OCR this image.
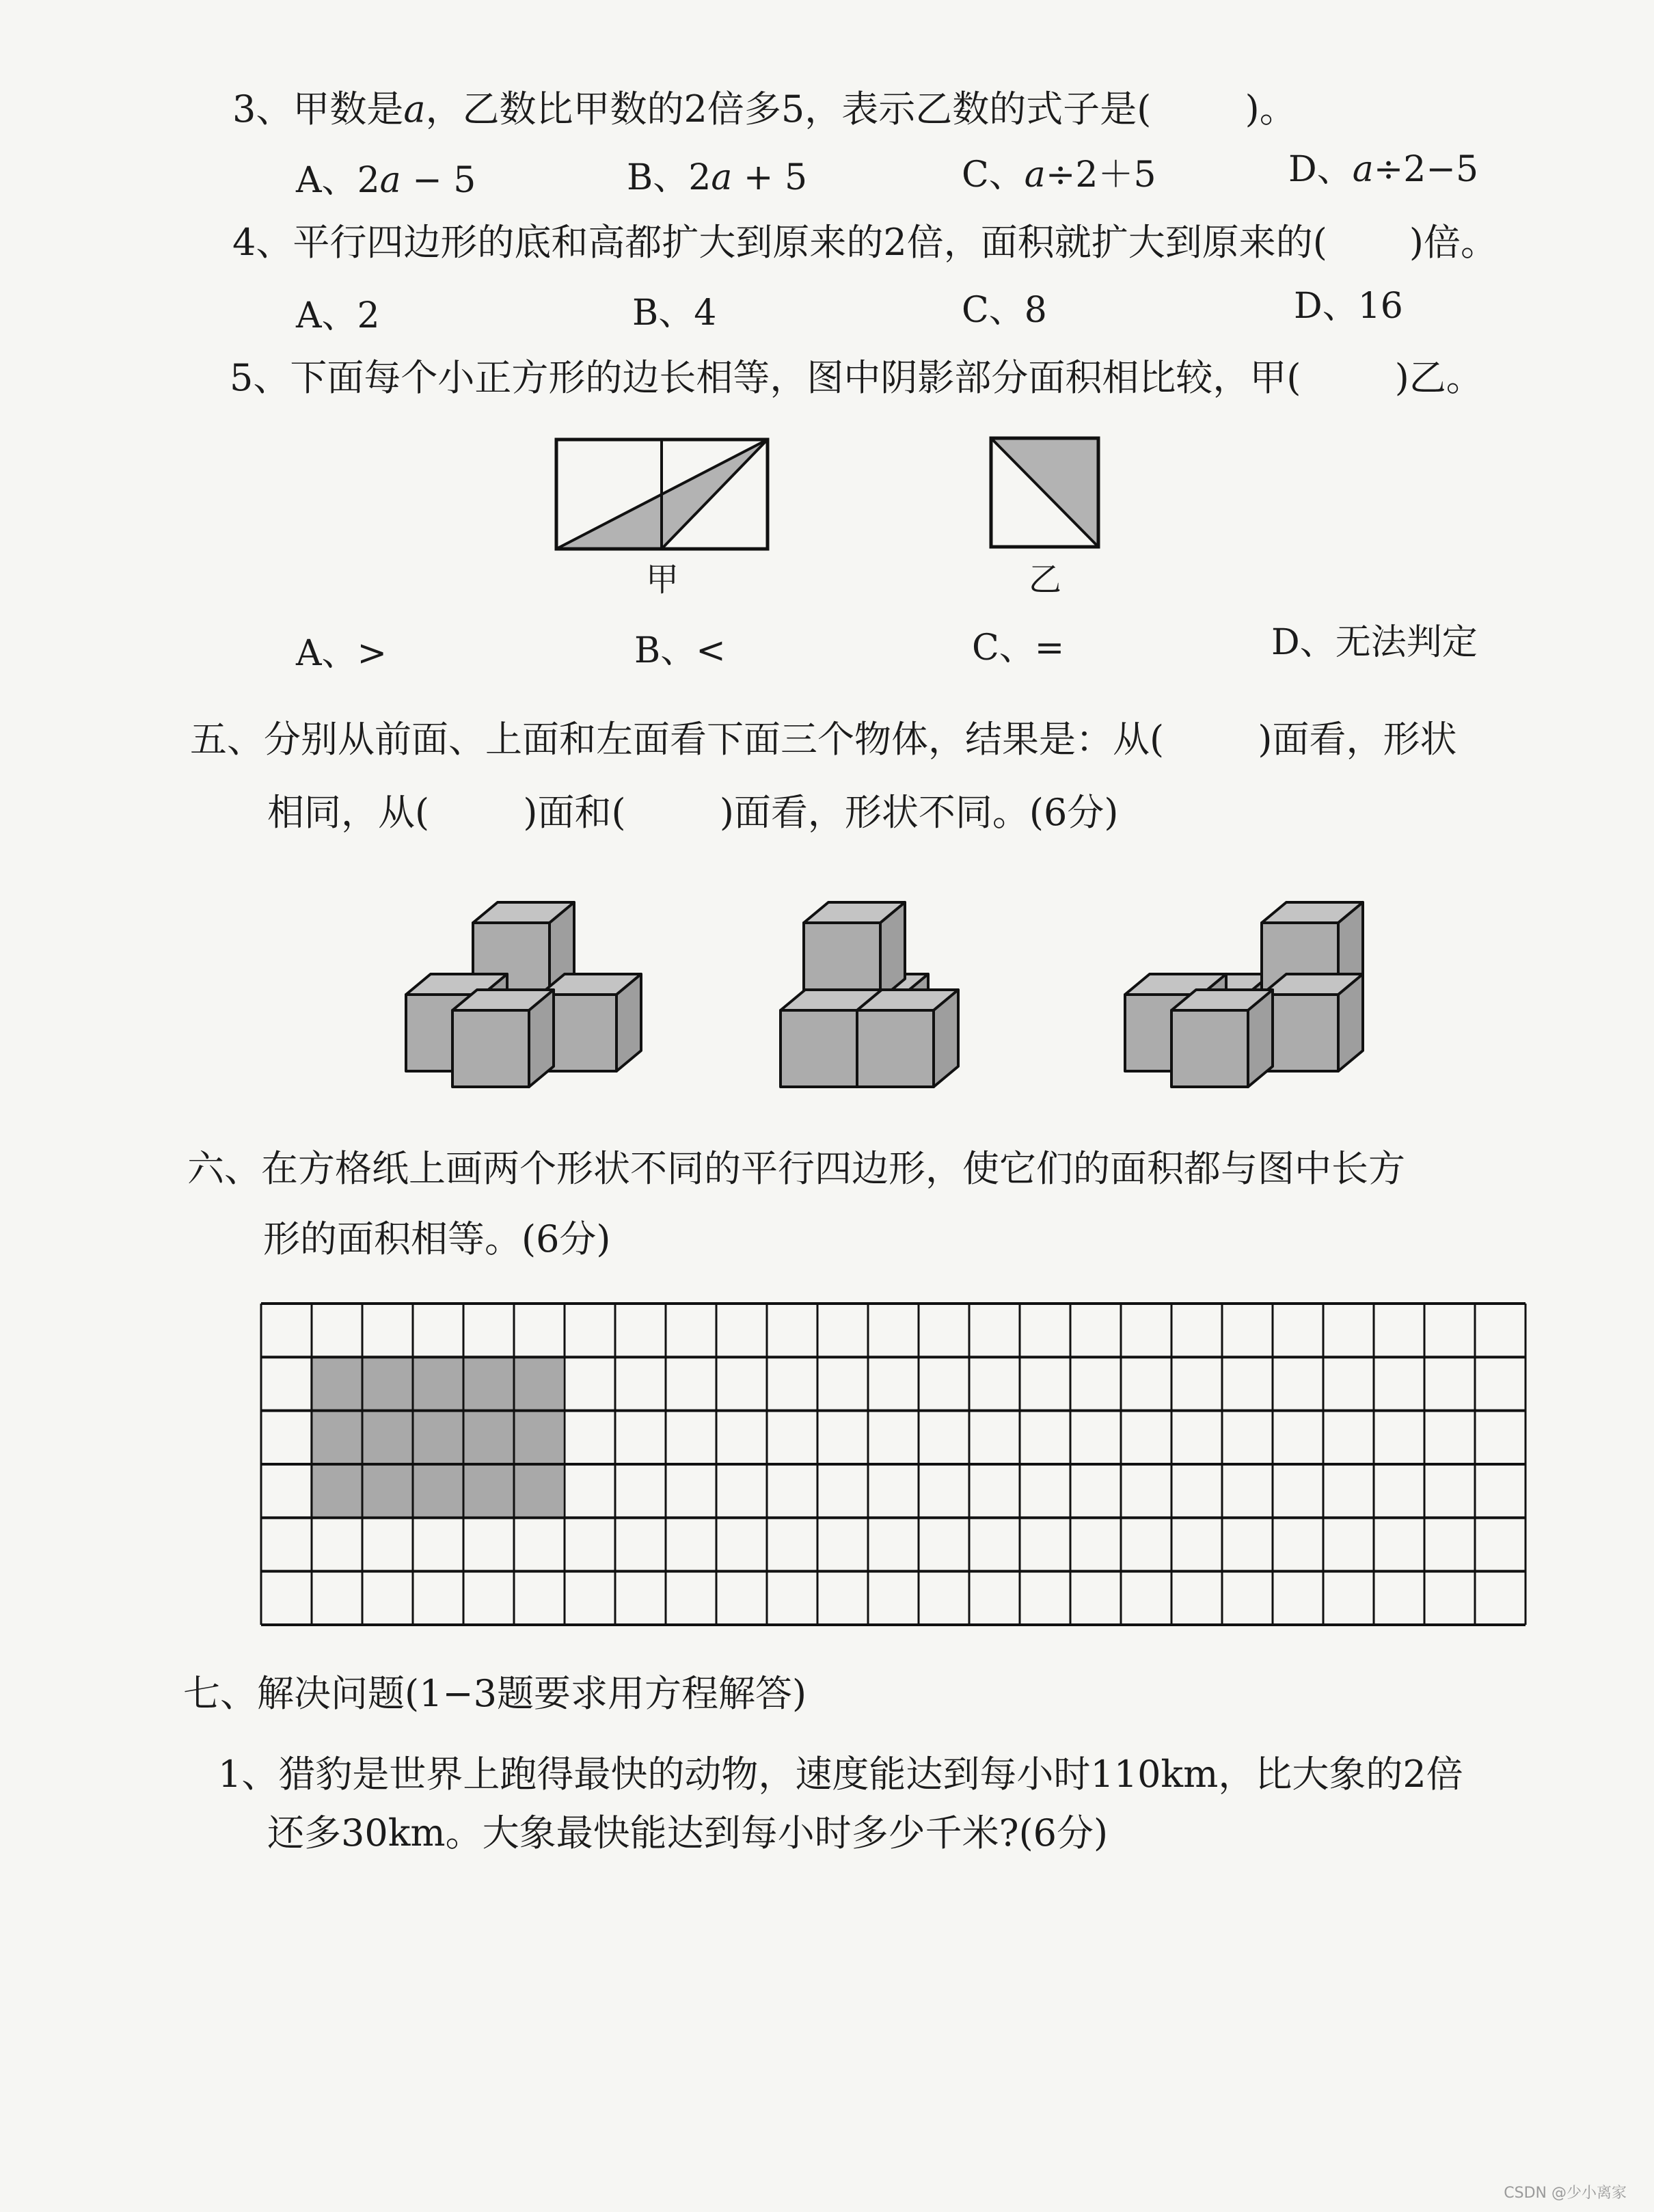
3、甲数是a，乙数比甲数的2倍多5，表示乙数的式子是(        )。
A、2a − 5	B、2a + 5	C、a÷2＋5	D、a÷2−5
4、平行四边形的底和高都扩大到原来的2倍，面积就扩大到原来的(       )倍。
A、2	B、4	C、8	D、16
5、下面每个小正方形的边长相等，图中阴影部分面积相比较，甲(        )乙。
甲	乙
A、>	B、<	C、=	D、无法判定
五、分别从前面、上面和左面看下面三个物体，结果是：从(        )面看，形状
相同，从(        )面和(        )面看，形状不同。(6分)
六、在方格纸上画两个形状不同的平行四边形，使它们的面积都与图中长方
形的面积相等。(6分)
七、解决问题(1−3题要求用方程解答)
1、猎豹是世界上跑得最快的动物，速度能达到每小时110km，比大象的2倍
还多30km。大象最快能达到每小时多少千米?(6分)
CSDN @少小离家
